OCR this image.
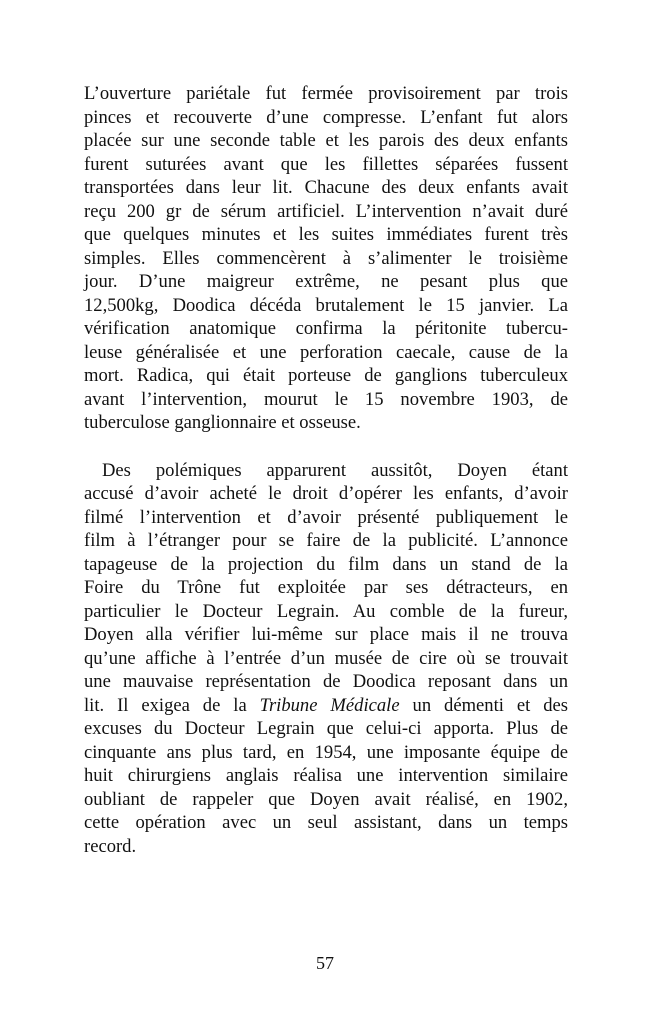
L’ouverture pariétale fut fermée provisoirement par trois
pinces et recouverte d’une compresse. L’enfant fut alors
placée sur une seconde table et les parois des deux enfants
furent suturées avant que les fillettes séparées fussent
transportées dans leur lit. Chacune des deux enfants avait
reçu 200 gr de sérum artificiel. L’intervention n’avait duré
que quelques minutes et les suites immédiates furent très
simples. Elles commencèrent à s’alimenter le troisième
jour. D’une maigreur extrême, ne pesant plus que
12,500kg, Doodica décéda brutalement le 15 janvier. La
vérification anatomique confirma la péritonite tubercu-
leuse généralisée et une perforation caecale, cause de la
mort. Radica, qui était porteuse de ganglions tuberculeux
avant l’intervention, mourut le 15 novembre 1903, de
tuberculose ganglionnaire et osseuse.

Des polémiques apparurent aussitôt, Doyen étant
accusé d’avoir acheté le droit d’opérer les enfants, d’avoir
filmé l’intervention et d’avoir présenté publiquement le
film à l’étranger pour se faire de la publicité. L’annonce
tapageuse de la projection du film dans un stand de la
Foire du Trône fut exploitée par ses détracteurs, en
particulier le Docteur Legrain. Au comble de la fureur,
Doyen alla vérifier lui-même sur place mais il ne trouva
qu’une affiche à l’entrée d’un musée de cire où se trouvait
une mauvaise représentation de Doodica reposant dans un
lit. Il exigea de la Tribune Médicale un démenti et des
excuses du Docteur Legrain que celui-ci apporta. Plus de
cinquante ans plus tard, en 1954, une imposante équipe de
huit chirurgiens anglais réalisa une intervention similaire
oubliant de rappeler que Doyen avait réalisé, en 1902,
cette opération avec un seul assistant, dans un temps
record.

57
